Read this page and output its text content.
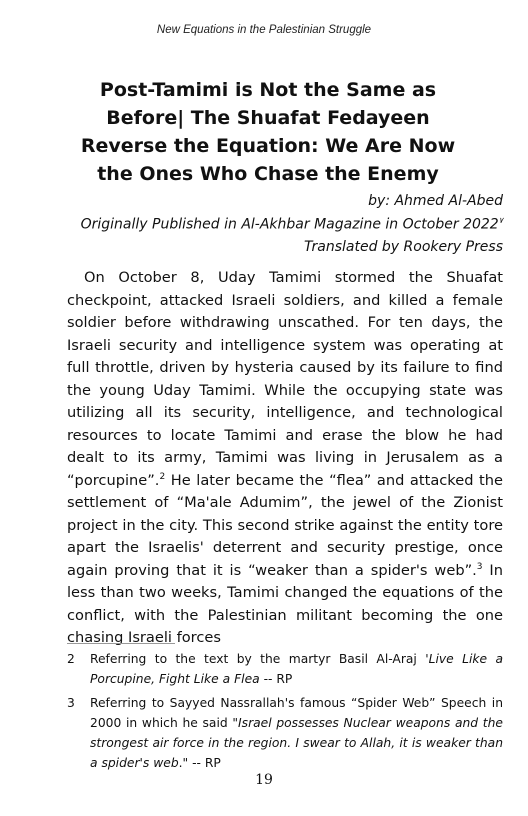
New Equations in the Palestinian Struggle
Post-Tamimi is Not the Same as Before| The Shuafat Fedayeen Reverse the Equation: We Are Now the Ones Who Chase the Enemy
by: Ahmed Al-Abed
Originally Published in Al-Akhbar Magazine in October 2022$^٧$
Translated by Rookery Press

On October 8, Uday Tamimi stormed the Shuafat checkpoint, attacked Israeli soldiers, and killed a female soldier before withdrawing unscathed. For ten days, the Israeli security and intelligence system was operating at full throttle, driven by hysteria caused by its failure to find the young Uday Tamimi. While the occupying state was utilizing all its security, intelligence, and technological resources to locate Tamimi and erase the blow he had dealt to its army, Tamimi was living in Jerusalem as a “porcupine”.$^2$ He later became the “flea” and attacked the settlement of “Ma'ale Adumim”, the jewel of the Zionist project in the city. This second strike against the entity tore apart the Israelis' deterrent and security prestige, once again proving that it is “weaker than a spider's web”.$^3$ In less than two weeks, Tamimi changed the equations of the conflict, with the Palestinian militant becoming the one chasing Israeli forces

2 Referring to the text by the martyr Basil Al-Araj 'Live Like a Porcupine, Fight Like a Flea -- RP
3 Referring to Sayyed Nassrallah's famous “Spider Web” Speech in 2000 in which he said "Israel possesses Nuclear weapons and the strongest air force in the region. I swear to Allah, it is weaker than a spider's web." -- RP
19
